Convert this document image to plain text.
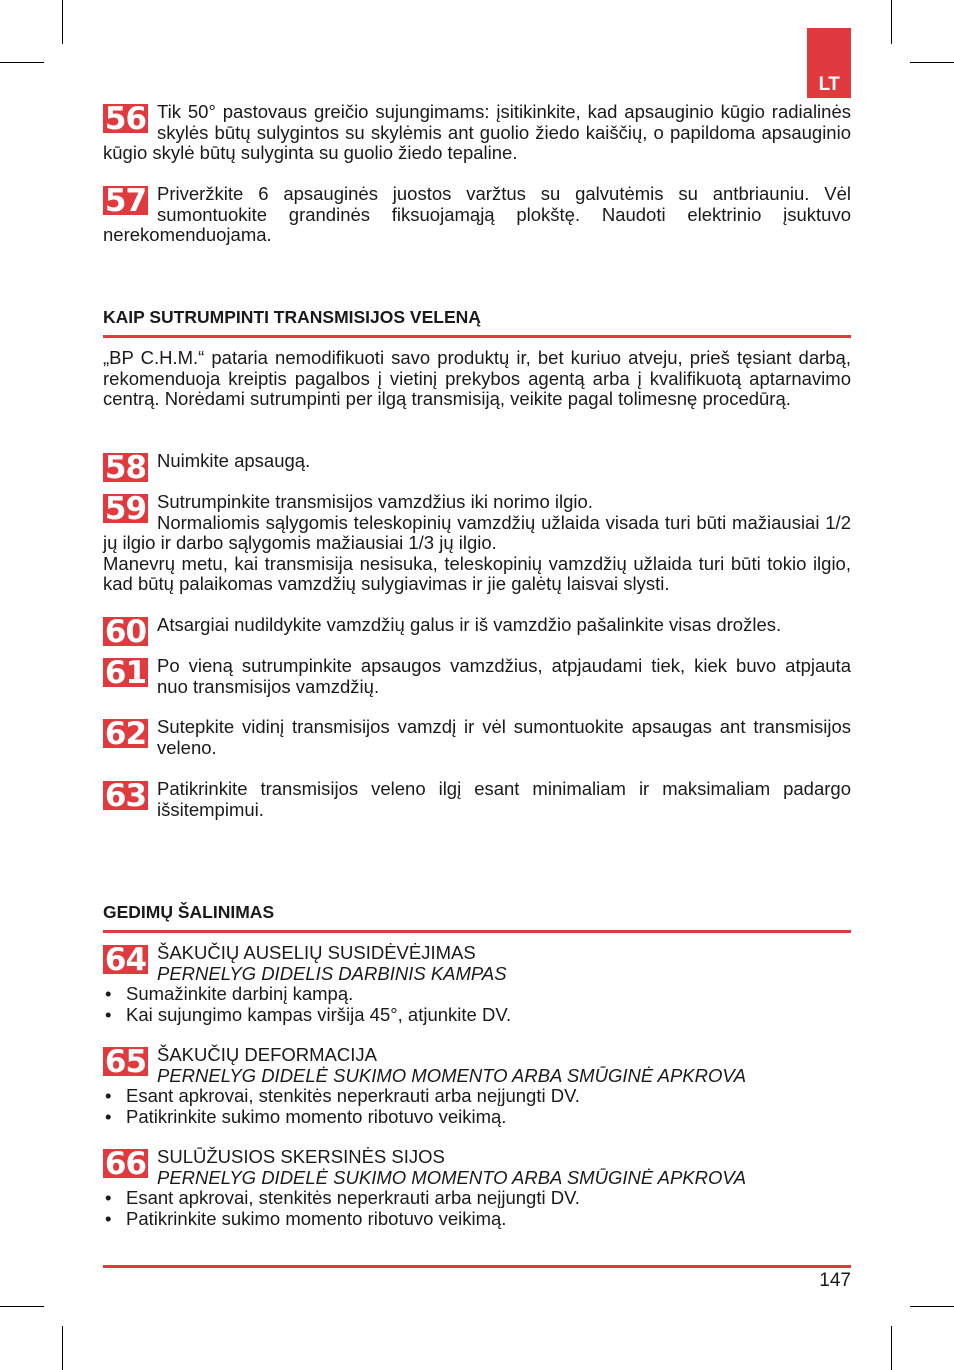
LT

56 Tik 50° pastovaus greičio sujungimams: įsitikinkite, kad apsauginio kūgio radialinės skylės būtų sulygintos su skylėmis ant guolio žiedo kaiščių, o papildoma apsauginio kūgio skylė būtų sulyginta su guolio žiedo tepaline.

57 Priveržkite 6 apsauginės juostos varžtus su galvutėmis su antbriauniu. Vėl sumontuokite grandinės fiksuojamąją plokštę. Naudoti elektrinio įsuktuvo nerekomenduojama.

KAIP SUTRUMPINTI TRANSMISIJOS VELENĄ

„BP C.H.M.“ pataria nemodifikuoti savo produktų ir, bet kuriuo atveju, prieš tęsiant darbą, rekomenduoja kreiptis pagalbos į vietinį prekybos agentą arba į kvalifikuotą aptarnavimo centrą. Norėdami sutrumpinti per ilgą transmisiją, veikite pagal tolimesnę procedūrą.

58 Nuimkite apsaugą.

59 Sutrumpinkite transmisijos vamzdžius iki norimo ilgio.
Normaliomis sąlygomis teleskopinių vamzdžių užlaida visada turi būti mažiausiai 1/2 jų ilgio ir darbo sąlygomis mažiausiai 1/3 jų ilgio.
Manevrų metu, kai transmisija nesisuka, teleskopinių vamzdžių užlaida turi būti tokio ilgio, kad būtų palaikomas vamzdžių sulygiavimas ir jie galėtų laisvai slysti.

60 Atsargiai nudildykite vamzdžių galus ir iš vamzdžio pašalinkite visas drožles.

61 Po vieną sutrumpinkite apsaugos vamzdžius, atpjaudami tiek, kiek buvo atpjauta nuo transmisijos vamzdžių.

62 Sutepkite vidinį transmisijos vamzdį ir vėl sumontuokite apsaugas ant transmisijos veleno.

63 Patikrinkite transmisijos veleno ilgį esant minimaliam ir maksimaliam padargo išsitempimui.

GEDIMŲ ŠALINIMAS
64 ŠAKUČIŲ AUSELIŲ SUSIDĖVĖJIMAS
PERNELYG DIDELIS DARBINIS KAMPAS
• Sumažinkite darbinį kampą.
• Kai sujungimo kampas viršija 45°, atjunkite DV.
65 ŠAKUČIŲ DEFORMACIJA
PERNELYG DIDELĖ SUKIMO MOMENTO ARBA SMŪGINĖ APKROVA
• Esant apkrovai, stenkitės neperkrauti arba neįjungti DV.
• Patikrinkite sukimo momento ribotuvo veikimą.
66 SULŪŽUSIOS SKERSINĖS SIJOS
PERNELYG DIDELĖ SUKIMO MOMENTO ARBA SMŪGINĖ APKROVA
• Esant apkrovai, stenkitės neperkrauti arba neįjungti DV.
• Patikrinkite sukimo momento ribotuvo veikimą.
147
